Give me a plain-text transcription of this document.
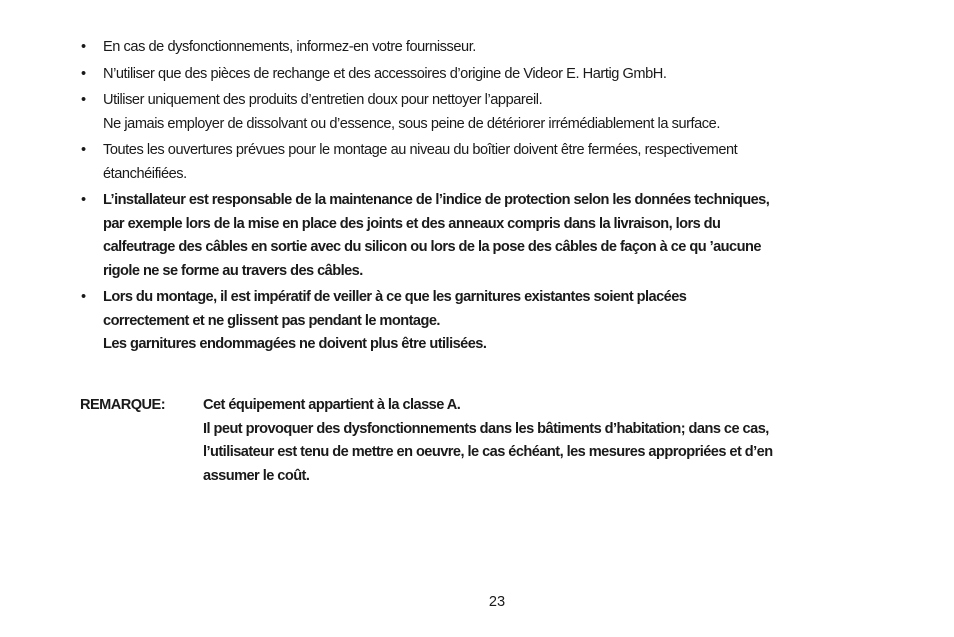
• En cas de dysfonctionnements, informez-en votre fournisseur.
• N’utiliser que des pièces de rechange et des accessoires d’origine de Videor E. Hartig GmbH.
• Utiliser uniquement des produits d’entretien doux pour nettoyer l’appareil.
Ne jamais employer de dissolvant ou d’essence, sous peine de détériorer irrémédiablement la surface.
• Toutes les ouvertures prévues pour le montage au niveau du boîtier doivent être fermées, respectivement
étanchéifiées.
• L’installateur est responsable de la maintenance de l’indice de protection selon les données techniques,
par exemple lors de la mise en place des joints et des anneaux compris dans la livraison, lors du
calfeutrage des câbles en sortie avec du silicon ou lors de la pose des câbles de façon à ce qu ’aucune
rigole ne se forme au travers des câbles.
• Lors du montage, il est impératif de veiller à ce que les garnitures existantes soient placées
correctement et ne glissent pas pendant le montage.
Les garnitures endommagées ne doivent plus être utilisées.
REMARQUE:	Cet équipement appartient à la classe A.
Il peut provoquer des dysfonctionnements dans les bâtiments d’habitation; dans ce cas,
l’utilisateur est tenu de mettre en oeuvre, le cas échéant, les mesures appropriées et d’en
assumer le coût.
23
